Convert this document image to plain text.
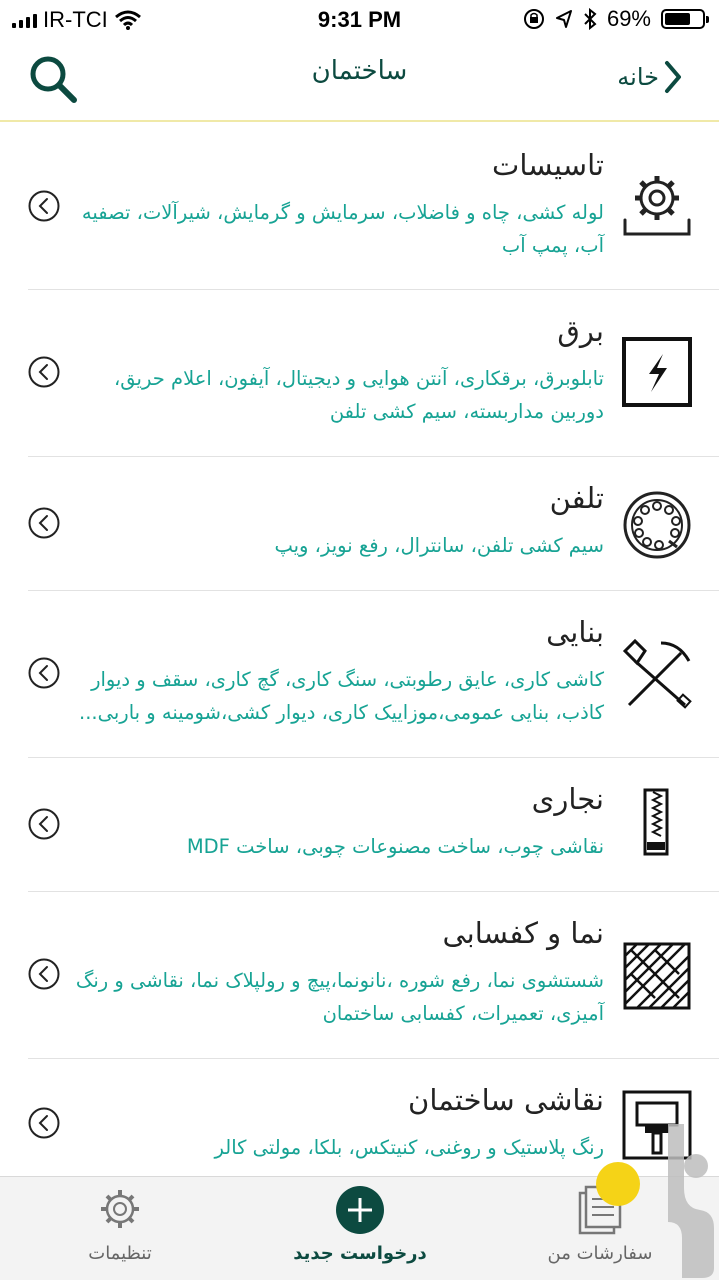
IR-TCI	9:31 PM	69%
ساختمان	خانه
تاسیسات
لوله کشی، چاه و فاضلاب، سرمایش و گرمایش، شیرآلات، تصفیه آب، پمپ آب
برق
تابلوبرق، برقکاری، آنتن هوایی و دیجیتال، آیفون، اعلام حریق، دوربین مداربسته، سیم کشی تلفن
تلفن
سیم کشی تلفن، سانترال، رفع نویز، ویپ
بنایی
کاشی کاری، عایق رطوبتی، سنگ کاری، گچ کاری، سقف و دیوار کاذب، بنایی عمومی،موزاییک کاری، دیوار کشی،شومینه و باربی...
نجاری
نقاشی چوب، ساخت مصنوعات چوبی، ساخت MDF
نما و کفسابی
شستشوی نما، رفع شوره ،نانونما،پیچ و رولپلاک نما، نقاشی و رنگ آمیزی، تعمیرات، کفسابی ساختمان
نقاشی ساختمان
رنگ پلاستیک و روغنی، کنیتکس، بلکا، مولتی کالر
تنظیمات	درخواست جدید	سفارشات من
